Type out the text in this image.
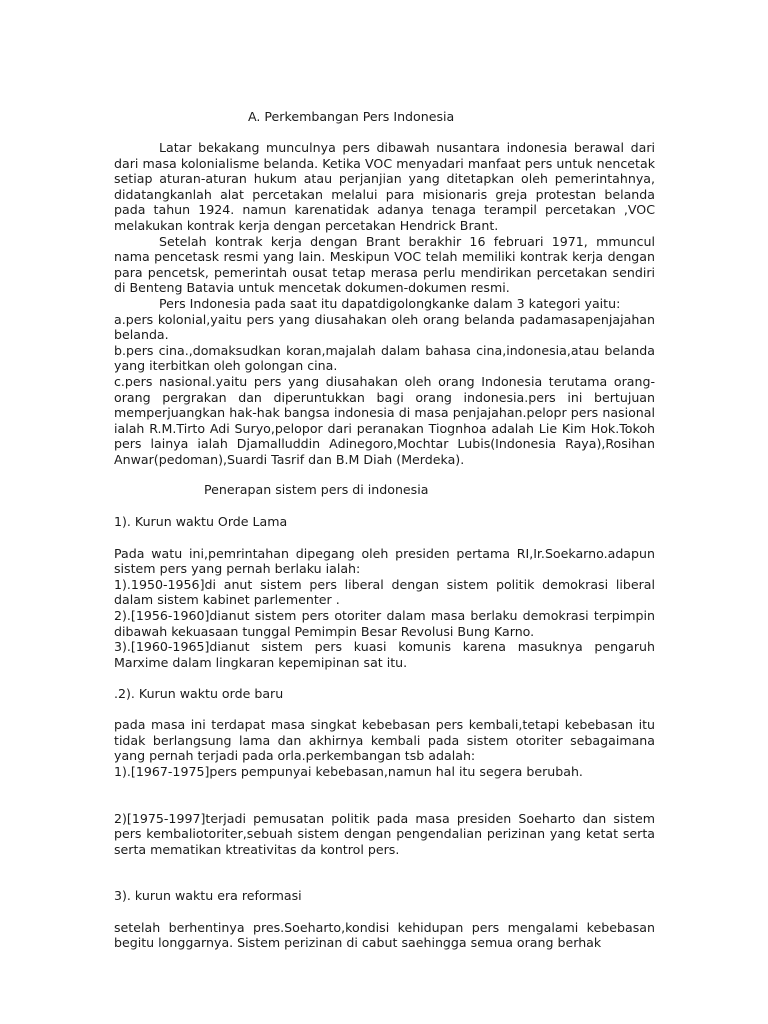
A. Perkembangan Pers Indonesia

Latar bekakang munculnya pers dibawah nusantara indonesia berawal dari dari masa kolonialisme belanda. Ketika VOC menyadari manfaat pers untuk nencetak setiap aturan-aturan hukum atau perjanjian yang ditetapkan oleh pemerintahnya, didatangkanlah alat percetakan melalui para misionaris greja protestan belanda pada tahun 1924. namun karenatidak adanya tenaga terampil percetakan ,VOC melakukan kontrak kerja dengan percetakan Hendrick Brant.

Setelah kontrak kerja dengan Brant berakhir 16 februari 1971, mmuncul nama pencetask resmi yang lain. Meskipun VOC telah memiliki kontrak kerja dengan para pencetsk, pemerintah ousat tetap merasa perlu mendirikan percetakan sendiri di Benteng Batavia untuk mencetak dokumen-dokumen resmi.

Pers Indonesia pada saat itu dapatdigolongkanke dalam 3 kategori yaitu:

a.pers kolonial,yaitu pers yang diusahakan oleh orang belanda padamasapenjajahan belanda.

b.pers cina.,domaksudkan koran,majalah dalam bahasa cina,indonesia,atau belanda yang iterbitkan oleh golongan cina.

c.pers nasional.yaitu pers yang diusahakan oleh orang Indonesia terutama orang-orang pergrakan dan diperuntukkan bagi orang indonesia.pers ini bertujuan memperjuangkan hak-hak bangsa indonesia di masa penjajahan.pelopr pers nasional ialah R.M.Tirto Adi Suryo,pelopor dari peranakan Tiognhoa adalah Lie Kim Hok.Tokoh pers lainya ialah Djamalluddin Adinegoro,Mochtar Lubis(Indonesia Raya),Rosihan Anwar(pedoman),Suardi Tasrif dan B.M Diah (Merdeka).

Penerapan sistem pers di indonesia

1). Kurun waktu Orde Lama

Pada watu ini,pemrintahan dipegang oleh presiden pertama RI,Ir.Soekarno.adapun sistem pers yang pernah berlaku ialah:

1).1950-1956]di anut sistem pers liberal dengan sistem politik demokrasi liberal dalam sistem kabinet parlementer .

2).[1956-1960]dianut sistem pers otoriter dalam masa berlaku demokrasi terpimpin dibawah kekuasaan tunggal Pemimpin Besar Revolusi Bung Karno.

3).[1960-1965]dianut sistem pers kuasi komunis karena masuknya pengaruh Marxime dalam lingkaran kepemipinan sat itu.

.2). Kurun waktu orde baru

pada masa ini terdapat masa singkat kebebasan pers kembali,tetapi kebebasan itu tidak berlangsung lama dan akhirnya kembali pada sistem otoriter sebagaimana yang pernah terjadi pada orla.perkembangan tsb adalah:

1).[1967-1975]pers pempunyai kebebasan,namun hal itu segera berubah.

2)[1975-1997]terjadi pemusatan politik pada masa presiden Soeharto dan sistem pers kembaliotoriter,sebuah sistem dengan pengendalian perizinan yang ketat serta serta mematikan ktreativitas da kontrol pers.

3). kurun waktu era reformasi

setelah berhentinya pres.Soeharto,kondisi kehidupan pers mengalami kebebasan begitu longgarnya. Sistem perizinan di cabut saehingga semua orang berhak
